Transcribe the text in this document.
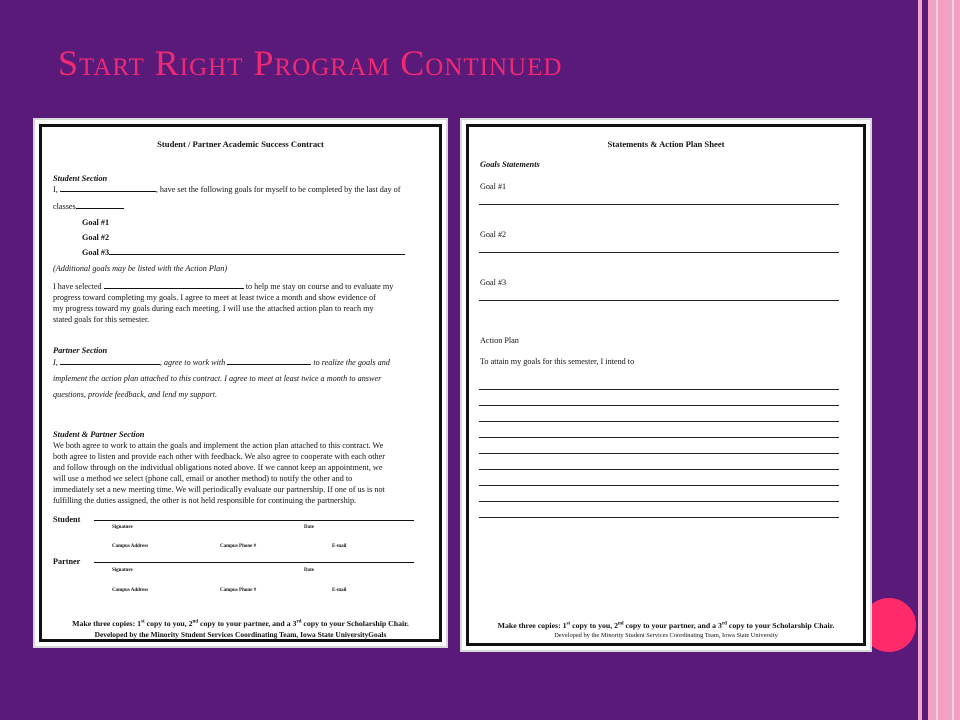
Start Right Program Continued
Student / Partner Academic Success Contract
Student Section
I,	, have set the following goals for myself to be completed by the last day of
classes
Goal #1
Goal #2
Goal #3
(Additional goals may be listed with the Action Plan)
I have selected	to help me stay on course and to evaluate my
progress toward completing my goals. I agree to meet at least twice a month and show evidence of
my progress toward my goals during each meeting. I will use the attached action plan to reach my
stated goals for this semester.
Partner Section
I,	, agree to work with	to realize the goals and
implement the action plan attached to this contract. I agree to meet at least twice a month to answer
questions, provide feedback, and lend my support.
Student & Partner Section
We both agree to work to attain the goals and implement the action plan attached to this contract. We
both agree to listen and provide each other with feedback. We also agree to cooperate with each other
and follow through on the individual obligations noted above. If we cannot keep an appointment, we
will use a method we select (phone call, email or another method) to notify the other and to
immediately set a new meeting time. We will periodically evaluate our partnership. If one of us is not
fulfilling the duties assigned, the other is not held responsible for continuing the partnership.
Student
Signature	Date
Campus Address	Campus Phone #	E-mail
Partner
Signature	Date
Campus Address	Campus Phone #	E-mail
Make three copies: 1st copy to you, 2nd copy to your partner, and a 3rd copy to your Scholarship Chair.
Developed by the Minority Student Services Coordinating Team, Iowa State UniversityGoals
Statements & Action Plan Sheet
Goals Statements
Goal #1
Goal #2
Goal #3
Action Plan
To attain my goals for this semester, I intend to
Make three copies: 1st copy to you, 2nd copy to your partner, and a 3rd copy to your Scholarship Chair.
Developed by the Minority Student Services Coordinating Team, Iowa State University
